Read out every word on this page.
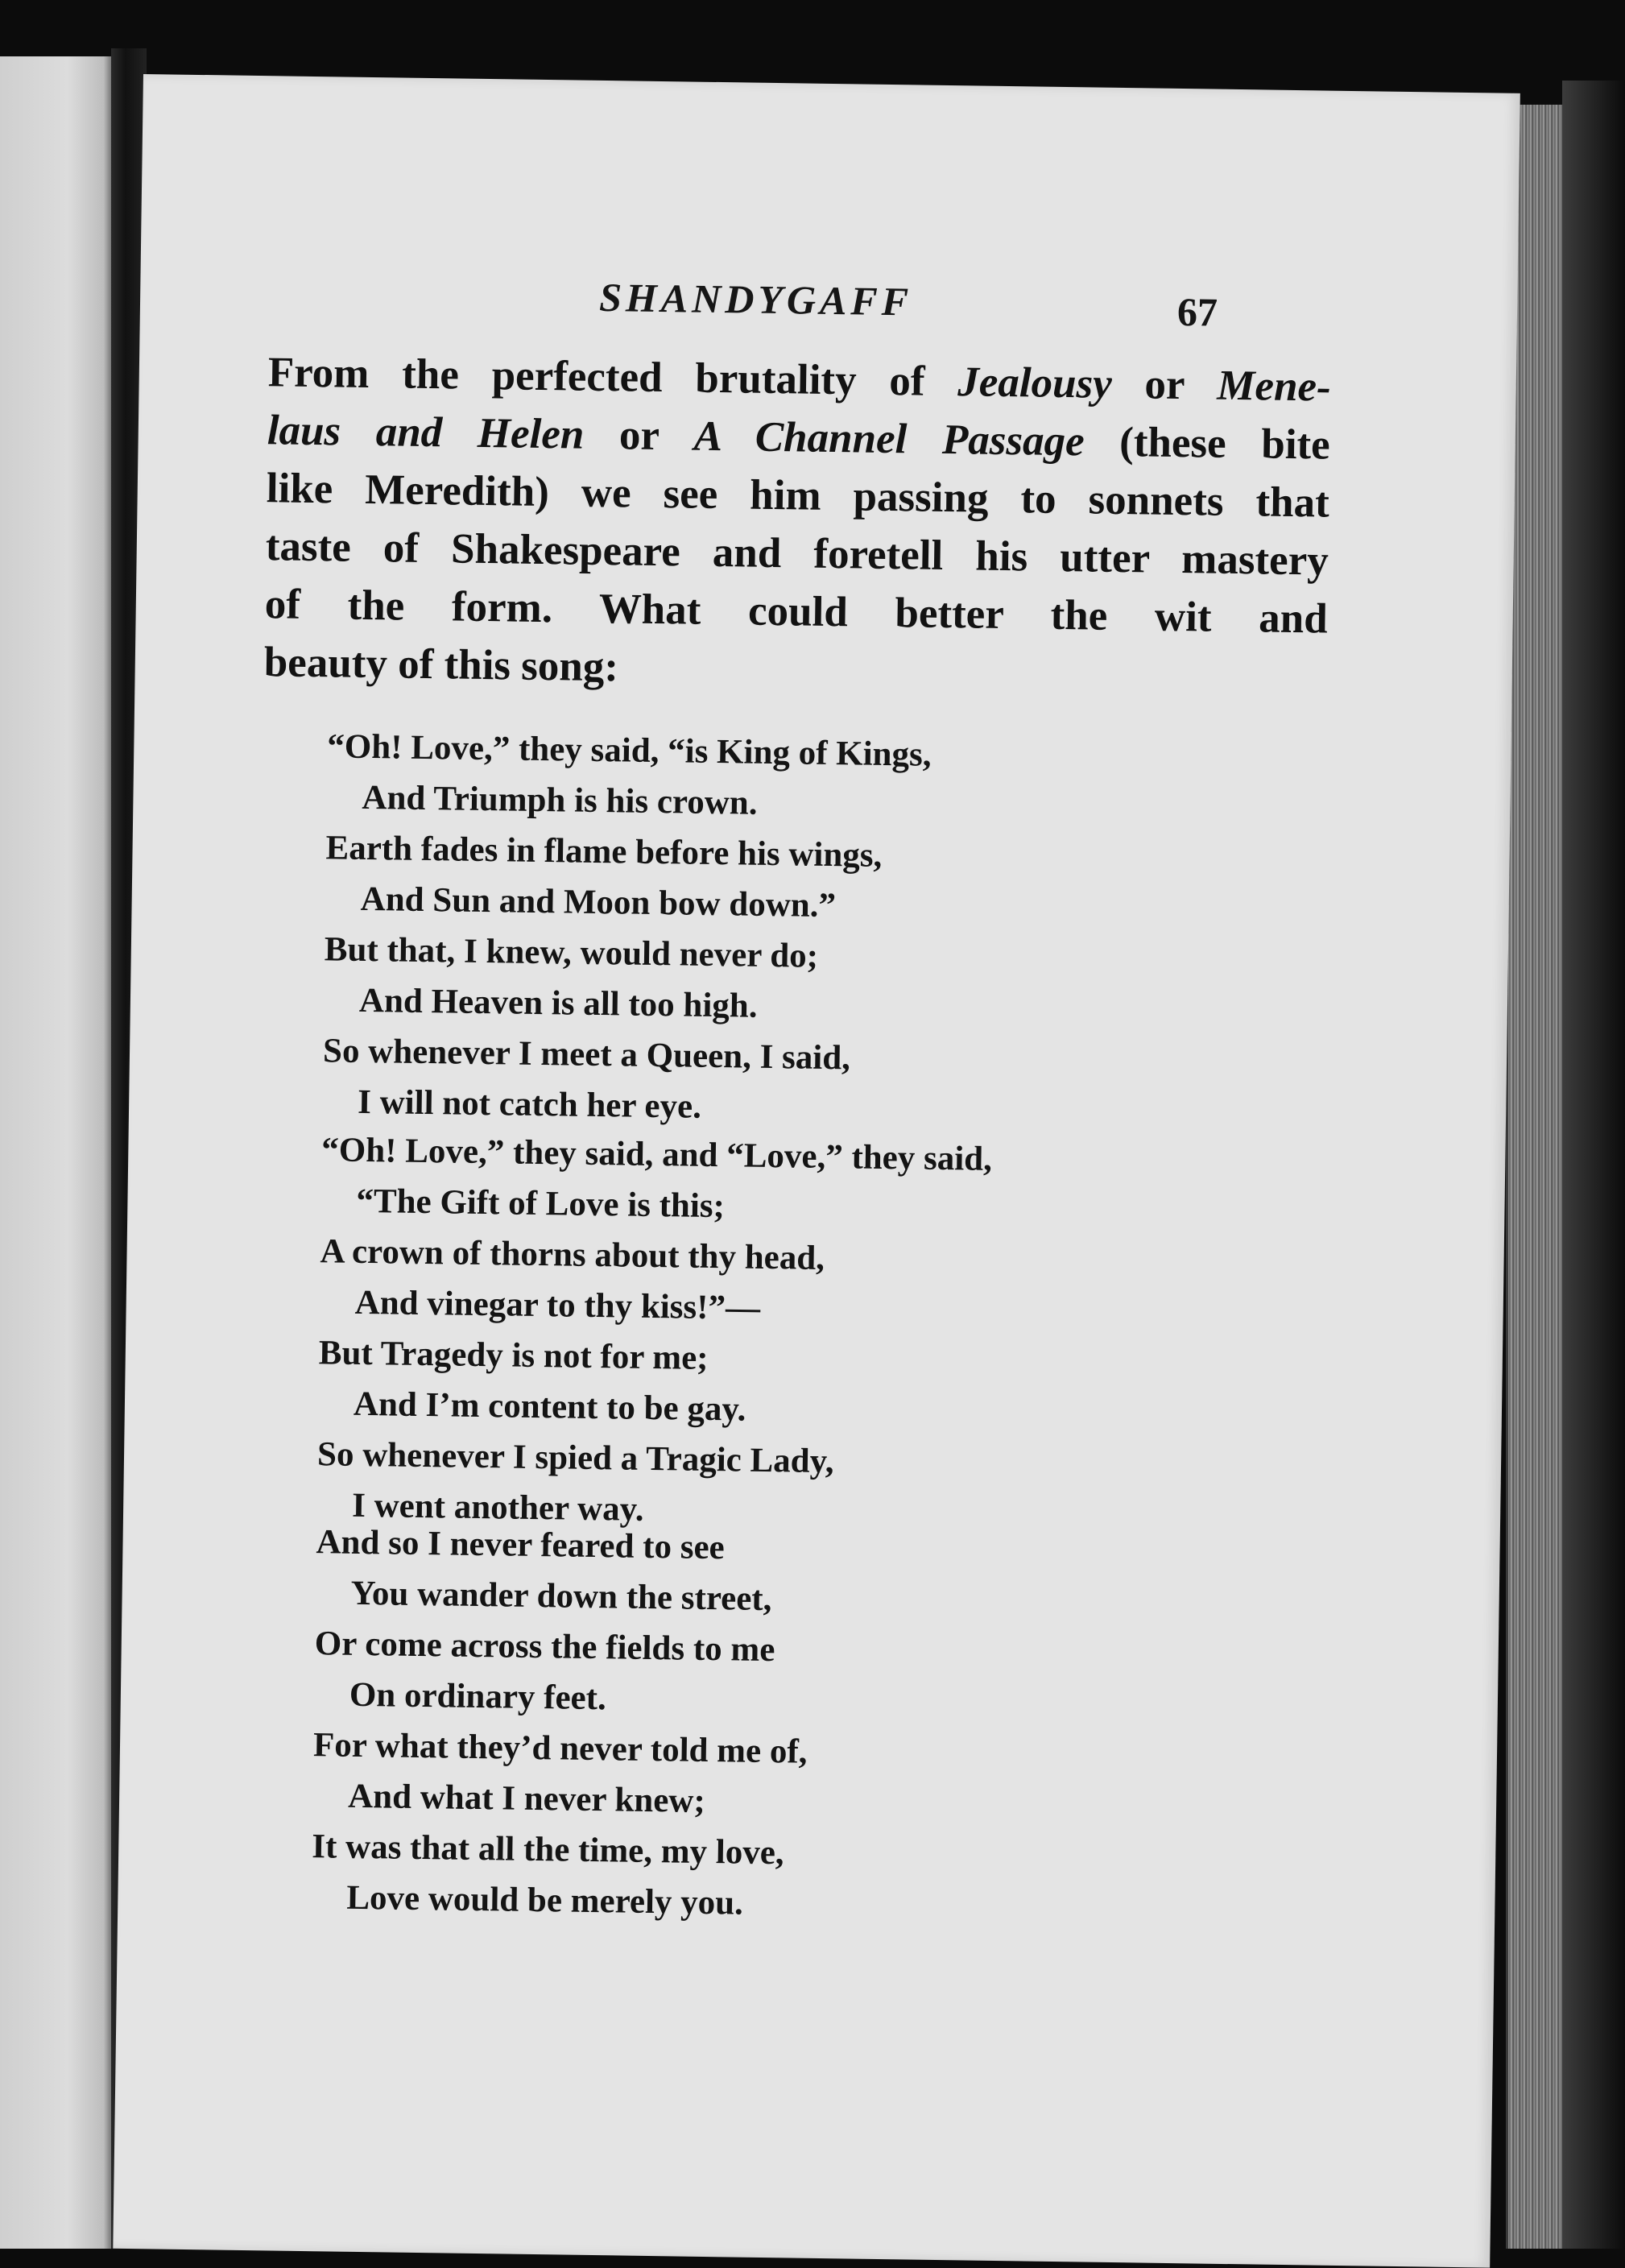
SHANDYGAFF	67
From the perfected brutality of Jealousy or Mene-
laus and Helen or A Channel Passage (these bite
like Meredith) we see him passing to sonnets that
taste of Shakespeare and foretell his utter mastery
of the form. What could better the wit and
beauty of this song:
“Oh! Love,” they said, “is King of Kings,
And Triumph is his crown.
Earth fades in flame before his wings,
And Sun and Moon bow down.”
But that, I knew, would never do;
And Heaven is all too high.
So whenever I meet a Queen, I said,
I will not catch her eye.
“Oh! Love,” they said, and “Love,” they said,
“The Gift of Love is this;
A crown of thorns about thy head,
And vinegar to thy kiss!”—
But Tragedy is not for me;
And I’m content to be gay.
So whenever I spied a Tragic Lady,
I went another way.
And so I never feared to see
You wander down the street,
Or come across the fields to me
On ordinary feet.
For what they’d never told me of,
And what I never knew;
It was that all the time, my love,
Love would be merely you.
